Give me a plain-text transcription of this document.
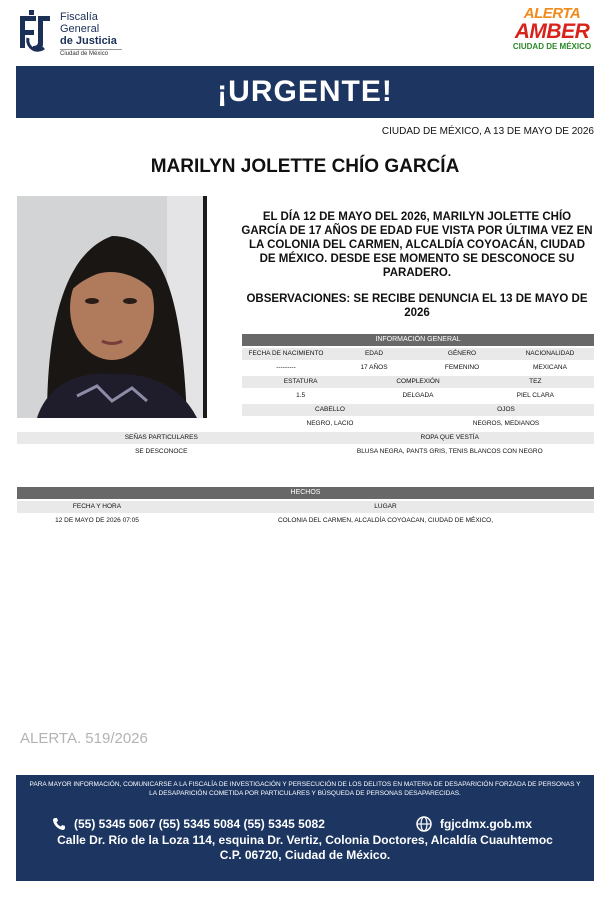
Fiscalía
General
de Justicia
Ciudad de México
ALERTA
AMBER
CIUDAD DE MÉXICO
¡URGENTE!
CIUDAD DE MÉXICO, A 13 DE MAYO DE 2026
MARILYN JOLETTE CHÍO GARCÍA
EL DÍA 12 DE MAYO DEL 2026, MARILYN JOLETTE CHÍO GARCÍA DE 17 AÑOS DE EDAD FUE VISTA POR ÚLTIMA VEZ EN LA COLONIA DEL CARMEN, ALCALDÍA COYOACÁN, CIUDAD DE MÉXICO. DESDE ESE MOMENTO SE DESCONOCE SU PARADERO.
OBSERVACIONES: SE RECIBE DENUNCIA EL 13 DE MAYO DE 2026
INFORMACIÓN GENERAL
FECHA DE NACIMIENTO	EDAD	GÉNERO	NACIONALIDAD
---------	17 AÑOS	FEMENINO	MEXICANA
ESTATURA	COMPLEXIÓN	TEZ
1.5	DELGADA	PIEL CLARA
CABELLO	OJOS
NEGRO, LACIO	NEGROS, MEDIANOS
SEÑAS PARTICULARES	ROPA QUE VESTÍA
SE DESCONOCE	BLUSA NEGRA, PANTS GRIS, TENIS BLANCOS CON NEGRO
HECHOS
FECHA Y HORA	LUGAR
12 DE MAYO DE 2026 07:05	COLONIA DEL CARMEN, ALCALDÍA COYOACAN, CIUDAD DE MÉXICO,
ALERTA. 519/2026
PARA MAYOR INFORMACIÓN, COMUNICARSE A LA FISCALÍA DE INVESTIGACIÓN Y PERSECUCIÓN DE LOS DELITOS EN MATERIA DE DESAPARICIÓN FORZADA DE PERSONAS Y LA DESAPARICIÓN COMETIDA POR PARTICULARES Y BÚSQUEDA DE PERSONAS DESAPARECIDAS.
(55) 5345 5067 (55) 5345 5084 (55) 5345 5082	fgjcdmx.gob.mx
Calle Dr. Río de la Loza 114, esquina Dr. Vertiz, Colonia Doctores, Alcaldía Cuauhtemoc
C.P. 06720, Ciudad de México.
